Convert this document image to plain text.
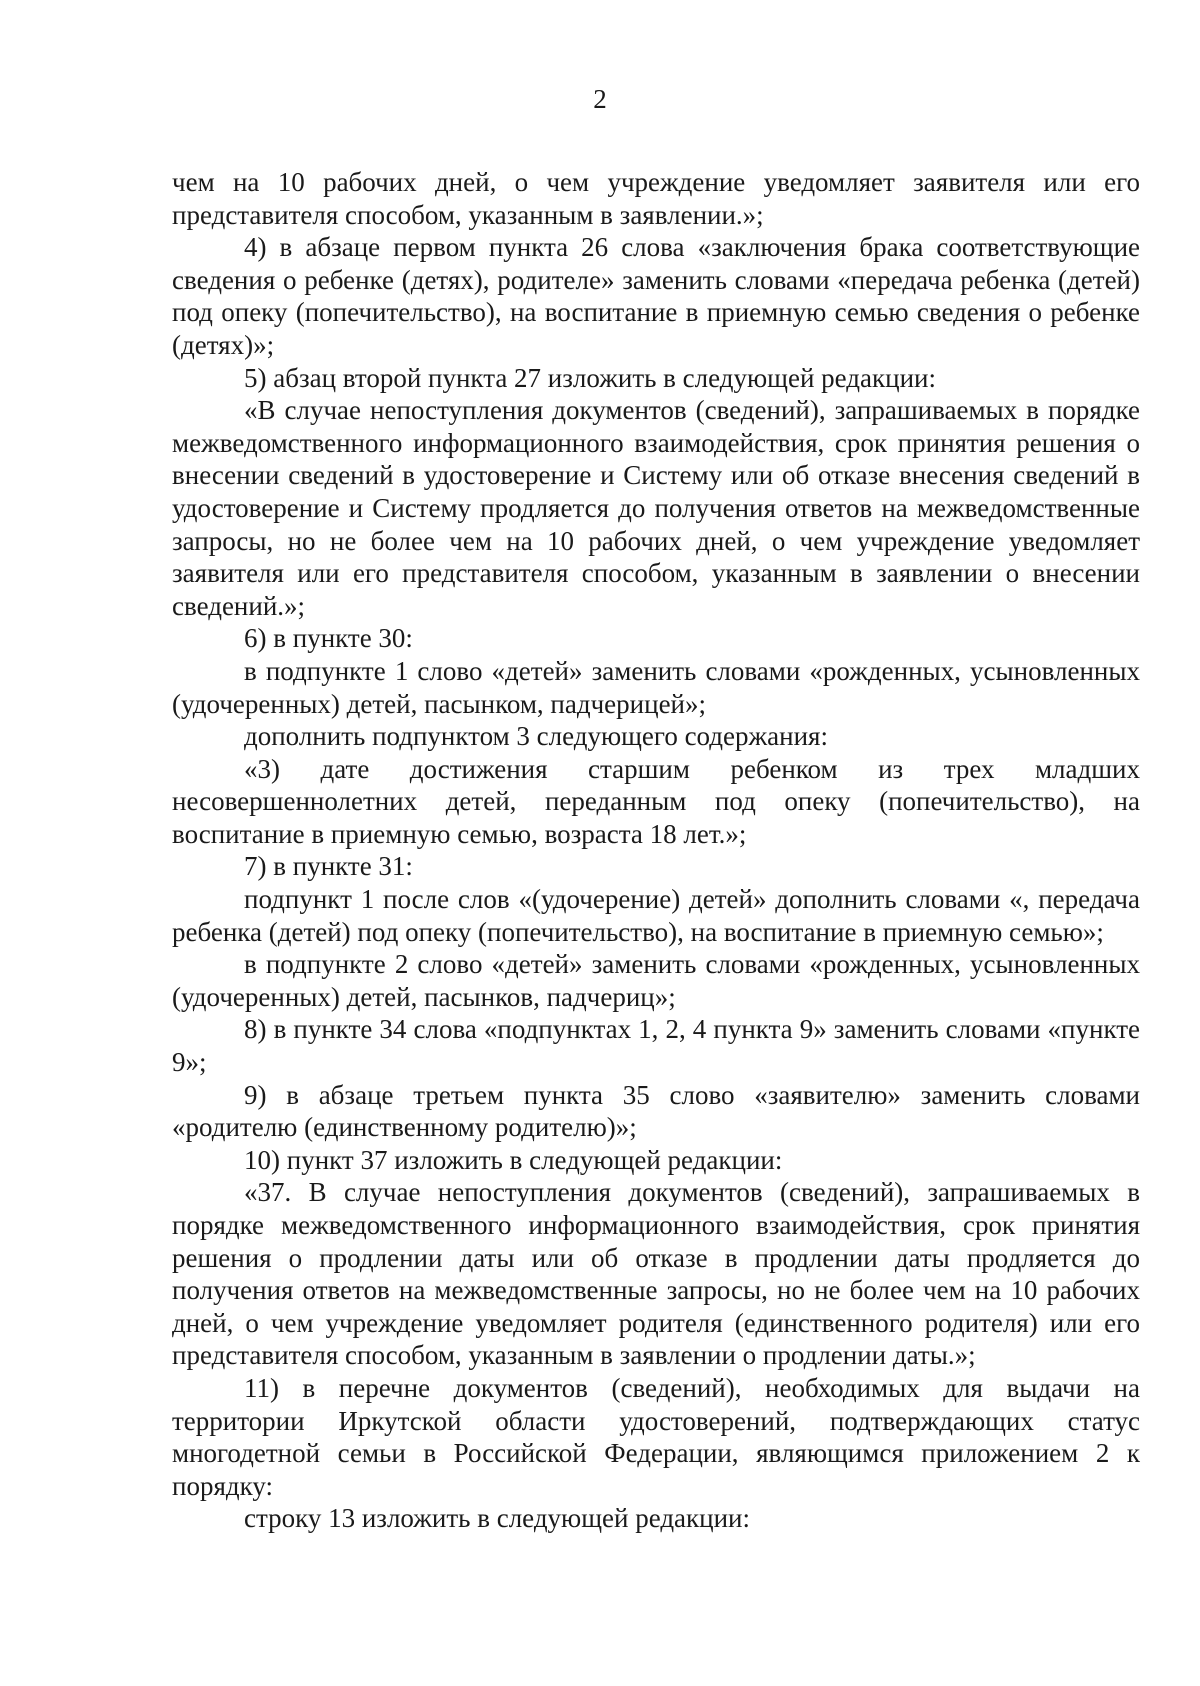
2

чем на 10 рабочих дней, о чем учреждение уведомляет заявителя или его представителя способом, указанным в заявлении.»;

4) в абзаце первом пункта 26 слова «заключения брака соответствующие сведения о ребенке (детях), родителе» заменить словами «передача ребенка (детей) под опеку (попечительство), на воспитание в приемную семью сведения о ребенке (детях)»;

5) абзац второй пункта 27 изложить в следующей редакции:

«В случае непоступления документов (сведений), запрашиваемых в порядке межведомственного информационного взаимодействия, срок принятия решения о внесении сведений в удостоверение и Систему или об отказе внесения сведений в удостоверение и Систему продляется до получения ответов на межведомственные запросы, но не более чем на 10 рабочих дней, о чем учреждение уведомляет заявителя или его представителя способом, указанным в заявлении о внесении сведений.»;

6) в пункте 30:

в подпункте 1 слово «детей» заменить словами «рожденных, усыновленных (удочеренных) детей, пасынком, падчерицей»;

дополнить подпунктом 3 следующего содержания:

«3) дате достижения старшим ребенком из трех младших несовершеннолетних детей, переданным под опеку (попечительство), на воспитание в приемную семью, возраста 18 лет.»;

7) в пункте 31:

подпункт 1 после слов «(удочерение) детей» дополнить словами «, передача ребенка (детей) под опеку (попечительство), на воспитание в приемную семью»;

в подпункте 2 слово «детей» заменить словами «рожденных, усыновленных (удочеренных) детей, пасынков, падчериц»;

8) в пункте 34 слова «подпунктах 1, 2, 4 пункта 9» заменить словами «пункте 9»;

9) в абзаце третьем пункта 35 слово «заявителю» заменить словами «родителю (единственному родителю)»;

10) пункт 37 изложить в следующей редакции:

«37. В случае непоступления документов (сведений), запрашиваемых в порядке межведомственного информационного взаимодействия, срок принятия решения о продлении даты или об отказе в продлении даты продляется до получения ответов на межведомственные запросы, но не более чем на 10 рабочих дней, о чем учреждение уведомляет родителя (единственного родителя) или его представителя способом, указанным в заявлении о продлении даты.»;

11) в перечне документов (сведений), необходимых для выдачи на территории Иркутской области удостоверений, подтверждающих статус многодетной семьи в Российской Федерации, являющимся приложением 2 к порядку:

строку 13 изложить в следующей редакции:
